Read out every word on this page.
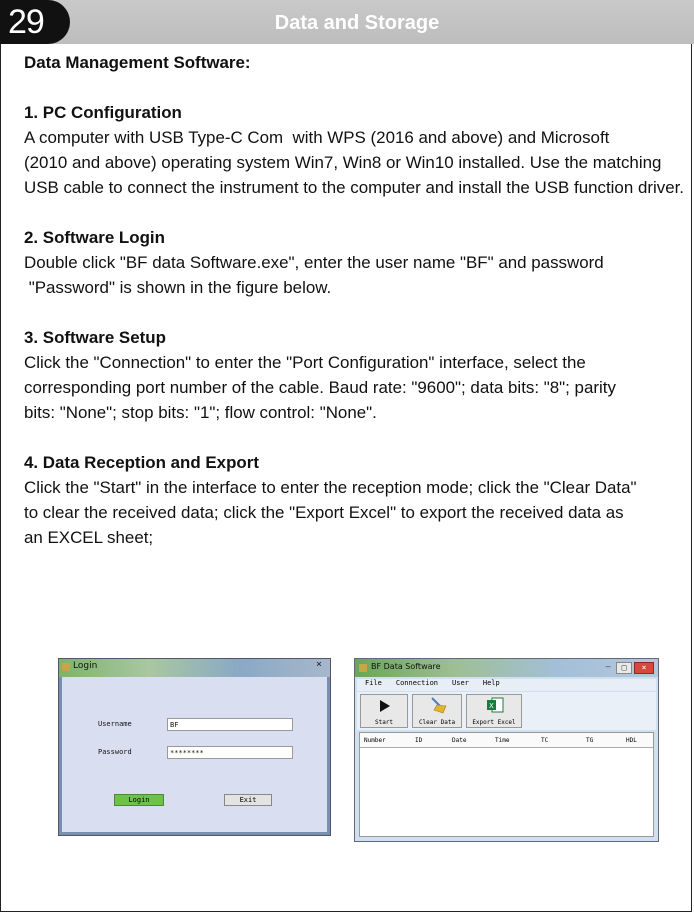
29	Data and Storage

Data Management Software:

1. PC Configuration

A computer with USB Type-C Com  with WPS (2016 and above) and Microsoft

(2010 and above) operating system Win7, Win8 or Win10 installed. Use the matching

USB cable to connect the instrument to the computer and install the USB function driver.

2. Software Login

Double click "BF data Software.exe", enter the user name "BF" and password

"Password" is shown in the figure below.

3. Software Setup

Click the "Connection" to enter the "Port Configuration" interface, select the

corresponding port number of the cable. Baud rate: "9600"; data bits: "8"; parity

bits: "None"; stop bits: "1"; flow control: "None".

4. Data Reception and Export

Click the "Start" in the interface to enter the reception mode; click the "Clear Data"

to clear the received data; click the "Export Excel" to export the received data as

an EXCEL sheet;

Login	×
Username	BF
Password	********
Login	Exit
BF Data Software	–	□	×
File Connection User Help
Start	Clear Data
X
Export Excel
Number	ID	Date	Time	TC	TG	HDL
